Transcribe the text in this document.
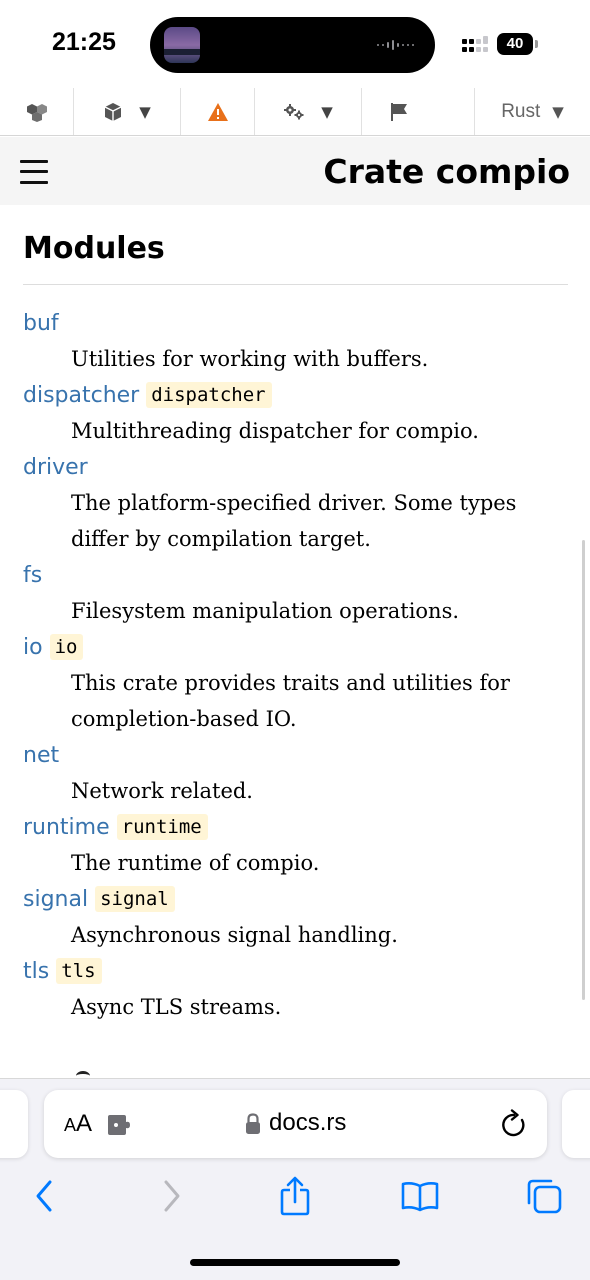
21:25	40
▼	▼	Rust ▼
Crate compio
Modules
buf
Utilities for working with buffers.
dispatcher dispatcher
Multithreading dispatcher for compio.
driver
The platform-specified driver. Some types differ by compilation target.
fs
Filesystem manipulation operations.
io io
This crate provides traits and utilities for completion-based IO.
net
Network related.
runtime runtime
The runtime of compio.
signal signal
Asynchronous signal handling.
tls tls
Async TLS streams.
AA	docs.rs
